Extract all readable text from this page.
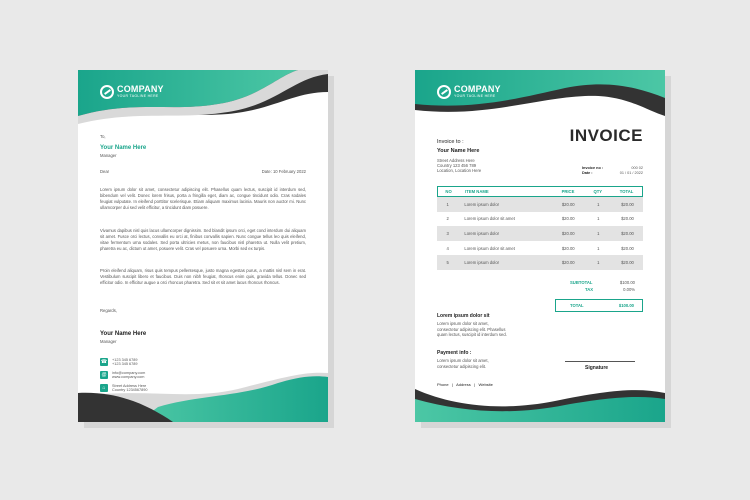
COMPANY
YOUR TAGLINE HERE
To,
Your Name Here
Manager
Dear	Date: 10 February 2022
Lorem ipsum dolor sit amet, consectetur adipiscing elit. Phasellus quam lectus, suscipit id interdum sed, bibendum vel velit. Donec lorem frisus, porta a fringilla eget, diam ac, congue tincidunt odio. Cras sodales feugiat vulputate. In eleifend porttitor scelerisque. Etiam aliquam maximus lacinia. Mauris non auctor mi. Nunc ullamcorper dui sed velit efficitur, a tincidunt diam posuere.
Vivamus dapibus nisl quis lacus ullamcorper dignissim. Sed blandit ipsum orci, eget cond interdum dui aliquam sit amet. Fusce orci lectus, convallis eu orci at, finibus convallis sapien. Nunc congue tellus leo quis eleifend, vitae fermentum urna sodales. Sed porta ultricies metus, non faucibus nisl pharetra ut. Nulla velit pretium, pharetra eu ac, dictum ut amet, posuere velit. Cras vel posuere urna. Morbi sed ex turpis.
Proin eleifend aliquam, risus quis tempus pellentesque, justo magna egestas purus, a mattis nisl sem in erat. Vestibulum suscipit libero et faucibus. Duis non nibh feugiat, rhoncus enim quis, gravida tellus. Donec sed efficitur odio. In efficitur augue a orci rhoncus pharetra. Sed sit et sit amet lacus rhoncus rhoncus.
Regards,
Your Name Here
Manager
☎ +123 345 6789
+123 345 6789
@	info@company.com
www.company.com
⌂	Street Address Here
Country 1234567890
COMPANY
YOUR TAGLINE HERE
INVOICE
Invoice to :
Your Name Here
Street Address Here
Country 123 456 789
Location, Location Here	Invoice no :	000 02
Date :	01 / 01 / 2022
NO	ITEM NAME	PRICE	QTY	TOTAL
1	Lorem ipsum dolor	$20.00	1	$20.00
2	Lorem ipsum dolor sit amet	$20.00	1	$20.00
3	Lorem ipsum dolor	$20.00	1	$20.00
4	Lorem ipsum dolor sit amet	$20.00	1	$20.00
5	Lorem ipsum dolor	$20.00	1	$20.00
SUBTOTAL	$100.00
TAX	0.00%
TOTAL	$100.00
Lorem ipsum dolor sit
Lorem ipsum dolor sit amet,
consectetur adipiscing elit. Phasellus
quam lectus, suscipit id interdum sed.
Payment info :
Lorem ipsum dolor sit amet,
consectetur adipiscing elit.	Signature
Phone | Address | Website
